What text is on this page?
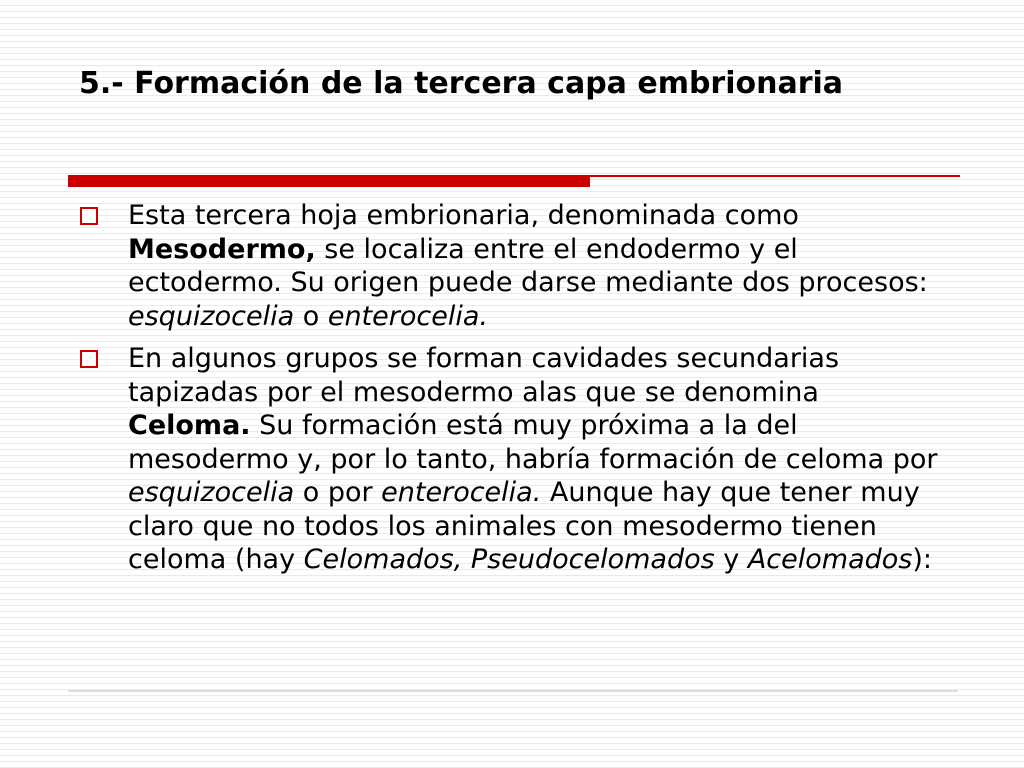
5.- Formación de la tercera capa embrionaria
Esta tercera hoja embrionaria, denominada como Mesodermo, se localiza entre el endodermo y el ectodermo. Su origen puede darse mediante dos procesos: esquizocelia o enterocelia.
En algunos grupos se forman cavidades secundarias tapizadas por el mesodermo alas que se denomina Celoma. Su formación está muy próxima a la del mesodermo y, por lo tanto, habría formación de celoma por esquizocelia o por enterocelia. Aunque hay que tener muy claro que no todos los animales con mesodermo tienen celoma (hay Celomados, Pseudocelomados y Acelomados):
